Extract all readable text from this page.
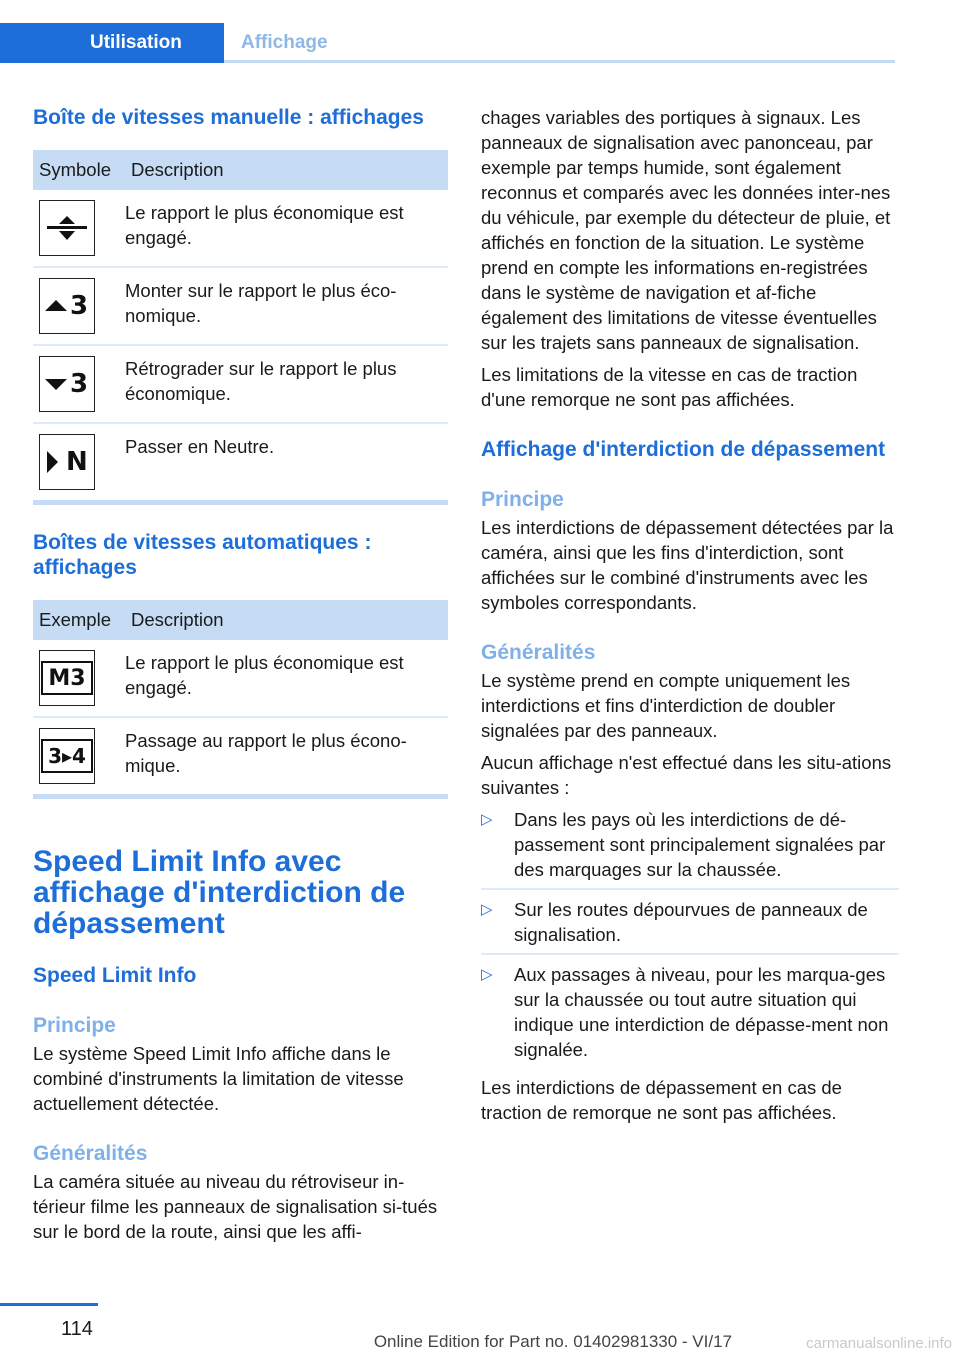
Utilisation	Affichage
Boîte de vitesses manuelle : affichages
Symbole	Description

	Le rapport le plus économique est engagé.

3	Monter sur le rapport le plus éco-nomique.

3	Rétrograder sur le rapport le plus économique.

N	Passer en Neutre.
Boîtes de vitesses automatiques : affichages
Exemple	Description

M3	Le rapport le plus économique est engagé.

3▸4	Passage au rapport le plus écono-mique.
Speed Limit Info avec affichage d'interdiction de dépassement
Speed Limit Info
Principe

Le système Speed Limit Info affiche dans le combiné d'instruments la limitation de vitesse actuellement détectée.

Généralités

La caméra située au niveau du rétroviseur in-térieur filme les panneaux de signalisation si-tués sur le bord de la route, ainsi que les affi-

chages variables des portiques à signaux. Les panneaux de signalisation avec panonceau, par exemple par temps humide, sont également reconnus et comparés avec les données inter-nes du véhicule, par exemple du détecteur de pluie, et affichés en fonction de la situation. Le système prend en compte les informations en-registrées dans le système de navigation et af-fiche également des limitations de vitesse éventuelles sur les trajets sans panneaux de signalisation.

Les limitations de la vitesse en cas de traction d'une remorque ne sont pas affichées.

Affichage d'interdiction de dépassement
Principe

Les interdictions de dépassement détectées par la caméra, ainsi que les fins d'interdiction, sont affichées sur le combiné d'instruments avec les symboles correspondants.

Généralités

Le système prend en compte uniquement les interdictions et fins d'interdiction de doubler signalées par des panneaux.

Aucun affichage n'est effectué dans les situ-ations suivantes :

▷ Dans les pays où les interdictions de dé-passement sont principalement signalées par des marquages sur la chaussée.
▷ Sur les routes dépourvues de panneaux de signalisation.
▷ Aux passages à niveau, pour les marqua-ges sur la chaussée ou tout autre situation qui indique une interdiction de dépasse-ment non signalée.

Les interdictions de dépassement en cas de traction de remorque ne sont pas affichées.

114
Online Edition for Part no. 01402981330 - VI/17	carmanualsonline.info
